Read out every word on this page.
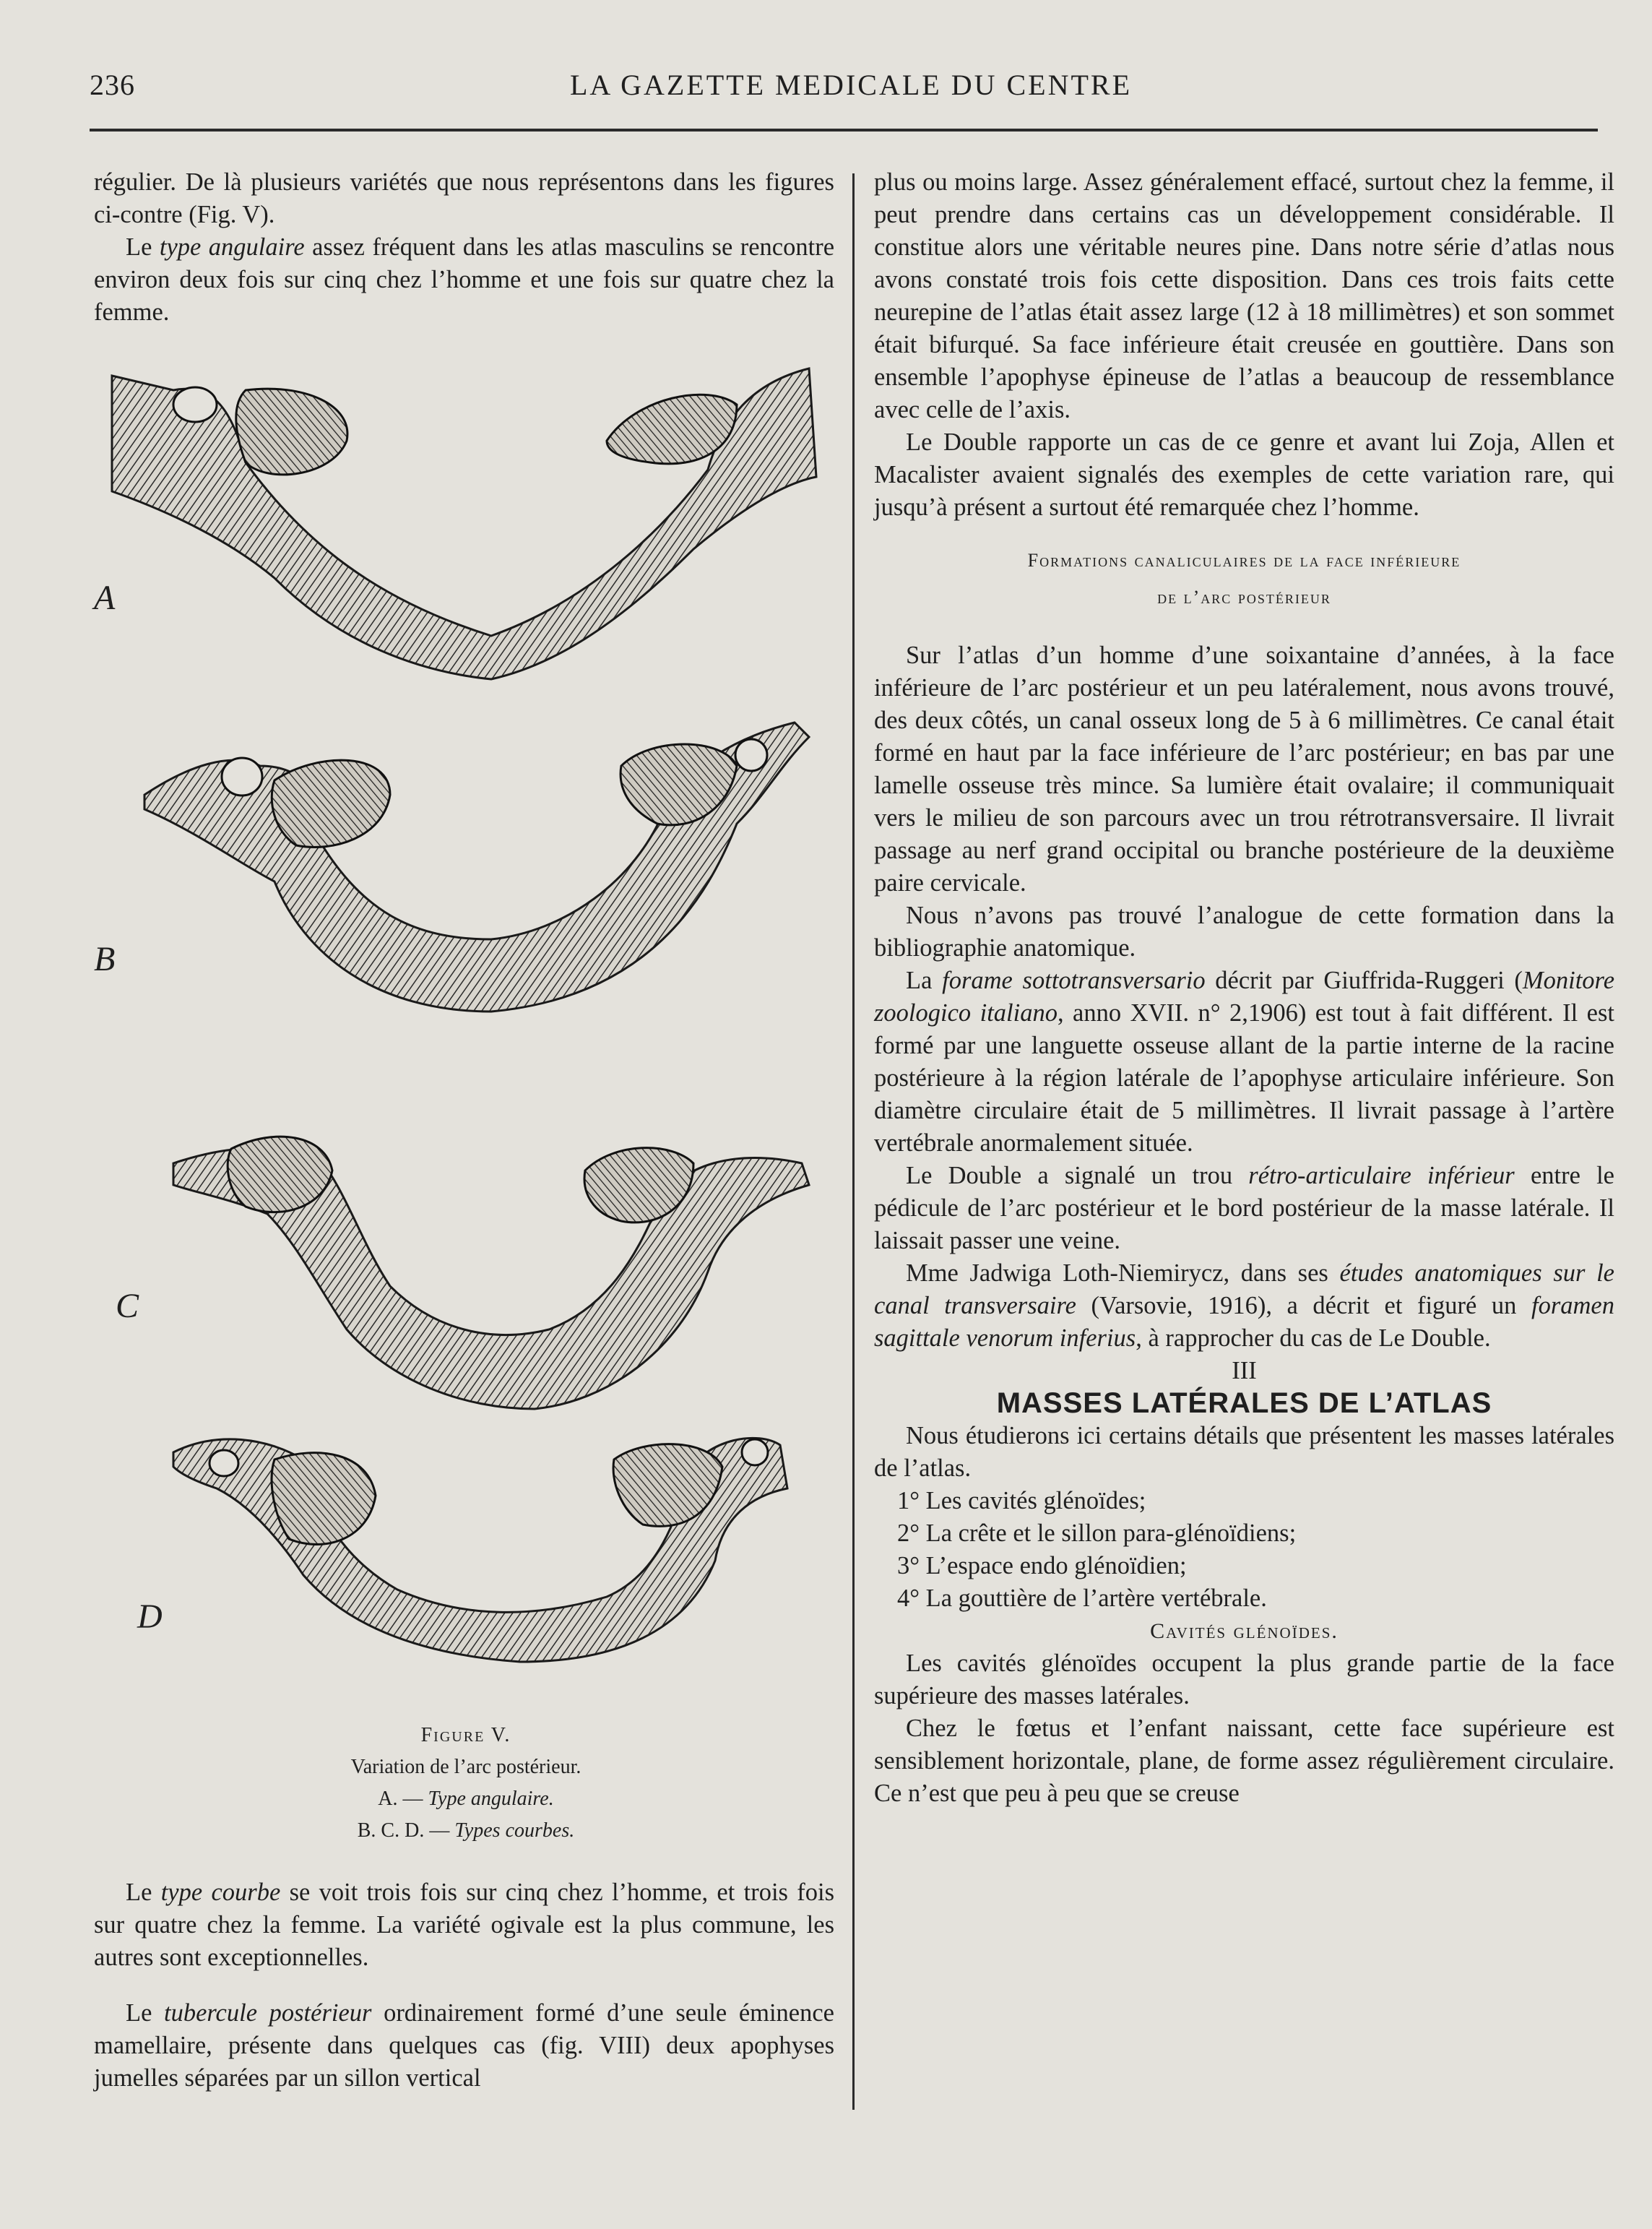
236	LA GAZETTE MEDICALE DU CENTRE

régulier. De là plusieurs variétés que nous représentons dans les figures ci-contre (Fig. V).

Le type angulaire assez fréquent dans les atlas masculins se rencontre environ deux fois sur cinq chez l’homme et une fois sur quatre chez la femme.

A
B
C
D

Figure V.

Variation de l’arc postérieur.

A. — Type angulaire.

B. C. D. — Types courbes.

Le type courbe se voit trois fois sur cinq chez l’homme, et trois fois sur quatre chez la femme. La variété ogivale est la plus commune, les autres sont exceptionnelles.

Le tubercule postérieur ordinairement formé d’une seule éminence mamellaire, présente dans quelques cas (fig. VIII) deux apophyses jumelles séparées par un sillon vertical

plus ou moins large. Assez généralement effacé, surtout chez la femme, il peut prendre dans certains cas un développement considérable. Il constitue alors une véritable neures pine. Dans notre série d’atlas nous avons constaté trois fois cette disposition. Dans ces trois faits cette neurepine de l’atlas était assez large (12 à 18 millimètres) et son sommet était bifurqué. Sa face inférieure était creusée en gouttière. Dans son ensemble l’apophyse épineuse de l’atlas a beaucoup de ressemblance avec celle de l’axis.

Le Double rapporte un cas de ce genre et avant lui Zoja, Allen et Macalister avaient signalés des exemples de cette variation rare, qui jusqu’à présent a surtout été remarquée chez l’homme.

Formations canaliculaires de la face inférieure

de l’arc postérieur

Sur l’atlas d’un homme d’une soixantaine d’années, à la face inférieure de l’arc postérieur et un peu latéralement, nous avons trouvé, des deux côtés, un canal osseux long de 5 à 6 millimètres. Ce canal était formé en haut par la face inférieure de l’arc postérieur; en bas par une lamelle osseuse très mince. Sa lumière était ovalaire; il communiquait vers le milieu de son parcours avec un trou rétrotransversaire. Il livrait passage au nerf grand occipital ou branche postérieure de la deuxième paire cervicale.

Nous n’avons pas trouvé l’analogue de cette formation dans la bibliographie anatomique.

La forame sottotransversario décrit par Giuffrida-Ruggeri (Monitore zoologico italiano, anno XVII. n° 2,1906) est tout à fait différent. Il est formé par une languette osseuse allant de la partie interne de la racine postérieure à la région latérale de l’apophyse articulaire inférieure. Son diamètre circulaire était de 5 millimètres. Il livrait passage à l’artère vertébrale anormalement située.

Le Double a signalé un trou rétro-articulaire inférieur entre le pédicule de l’arc postérieur et le bord postérieur de la masse latérale. Il laissait passer une veine.

Mme Jadwiga Loth-Niemirycz, dans ses études anatomiques sur le canal transversaire (Varsovie, 1916), a décrit et figuré un foramen sagittale venorum inferius, à rapprocher du cas de Le Double.

III

MASSES LATÉRALES DE L’ATLAS

Nous étudierons ici certains détails que présentent les masses latérales de l’atlas.

1° Les cavités glénoïdes;

2° La crête et le sillon para-glénoïdiens;

3° L’espace endo glénoïdien;

4° La gouttière de l’artère vertébrale.

Cavités glénoïdes.

Les cavités glénoïdes occupent la plus grande partie de la face supérieure des masses latérales.

Chez le fœtus et l’enfant naissant, cette face supérieure est sensiblement horizontale, plane, de forme assez régulièrement circulaire. Ce n’est que peu à peu que se creuse
